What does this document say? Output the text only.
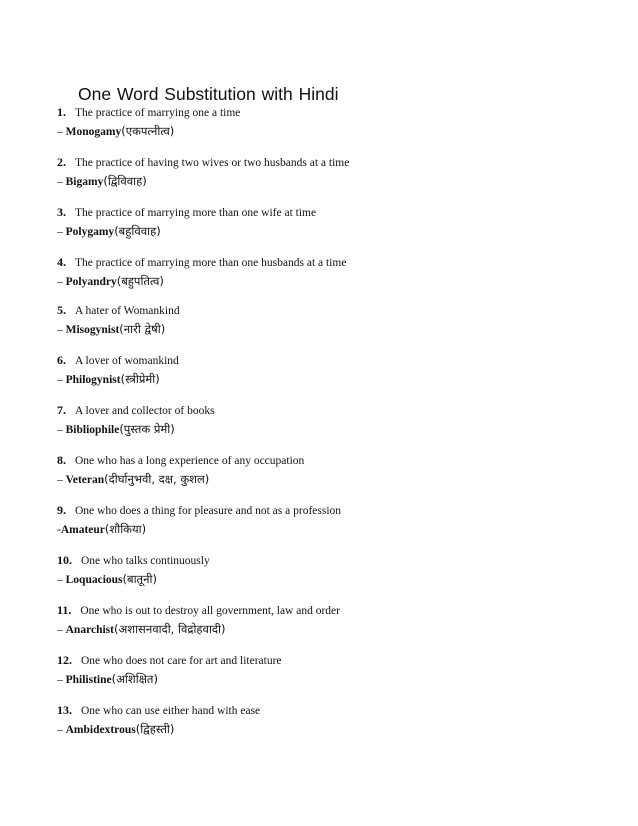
One Word Substitution with Hindi
1. The practice of marrying one a time
– Monogamy(एकपत्नीत्व)
2. The practice of having two wives or two husbands at a time
– Bigamy(द्विविवाह)
3. The practice of marrying more than one wife at time
– Polygamy(बहुविवाह)
4. The practice of marrying more than one husbands at a time
– Polyandry(बहुपतित्व)
5. A hater of Womankind
– Misogynist(नारी द्वेषी)
6. A lover of womankind
– Philogynist(स्त्रीप्रेमी)
7. A lover and collector of books
– Bibliophile(पुस्तक प्रेमी)
8. One who has a long experience of any occupation
– Veteran(दीर्घानुभवी, दक्ष, कुशल)
9. One who does a thing for pleasure and not as a profession
-Amateur(शौकिया)
10. One who talks continuously
– Loquacious(बातूनी)
11. One who is out to destroy all government, law and order
– Anarchist(अशासनवादी, विद्रोहवादी)
12. One who does not care for art and literature
– Philistine(अशिक्षित)
13. One who can use either hand with ease
– Ambidextrous(द्विहस्ती)
